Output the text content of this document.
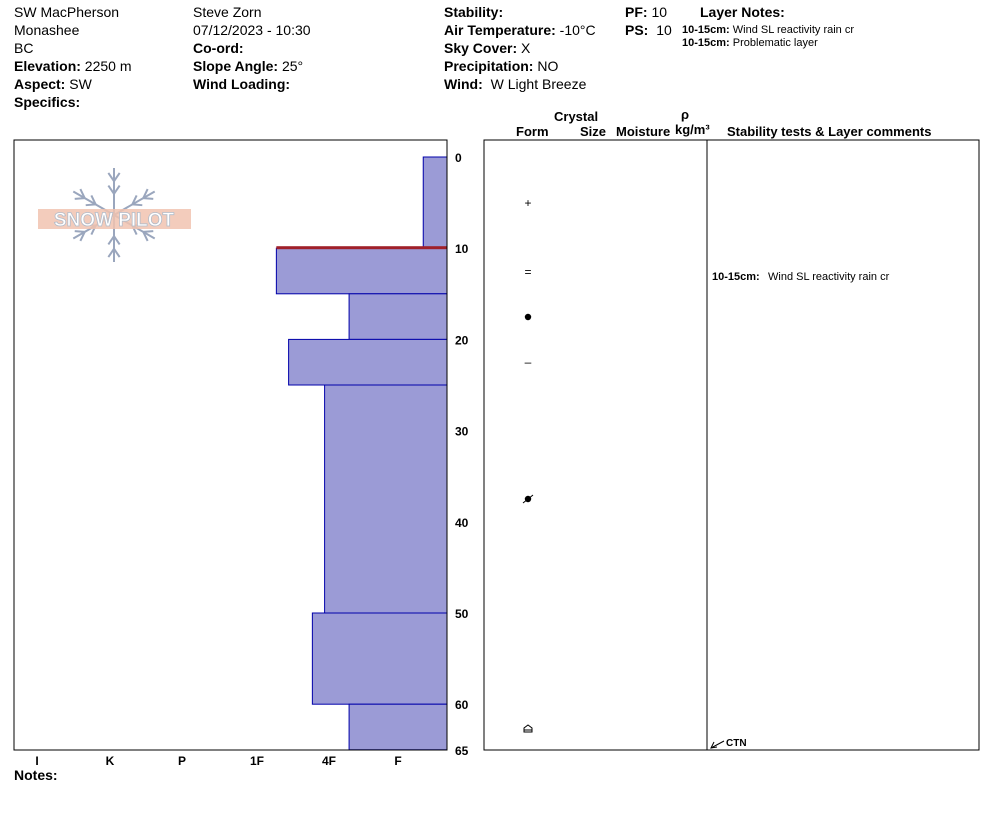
SW MacPherson
Monashee
BC
Elevation: 2250 m
Aspect: SW
Specifics:
Steve Zorn
07/12/2023 - 10:30
Co-ord:
Slope Angle: 25°
Wind Loading:
Stability:
Air Temperature: -10°C
Sky Cover: X
Precipitation: NO
Wind: W Light Breeze
PF: 10
PS: 10
Layer Notes:
10-15cm: Wind SL reactivity rain cr
10-15cm: Problematic layer
Crystal
Form Size Moisture
ρ
kg/m³ Stability tests & Layer comments
SNOW PILOT
I	K	P	1F	4F	F
0
10
20
30
40
50
60
65
+
=
–
10-15cm: Wind SL reactivity rain cr
CTN
Notes:
